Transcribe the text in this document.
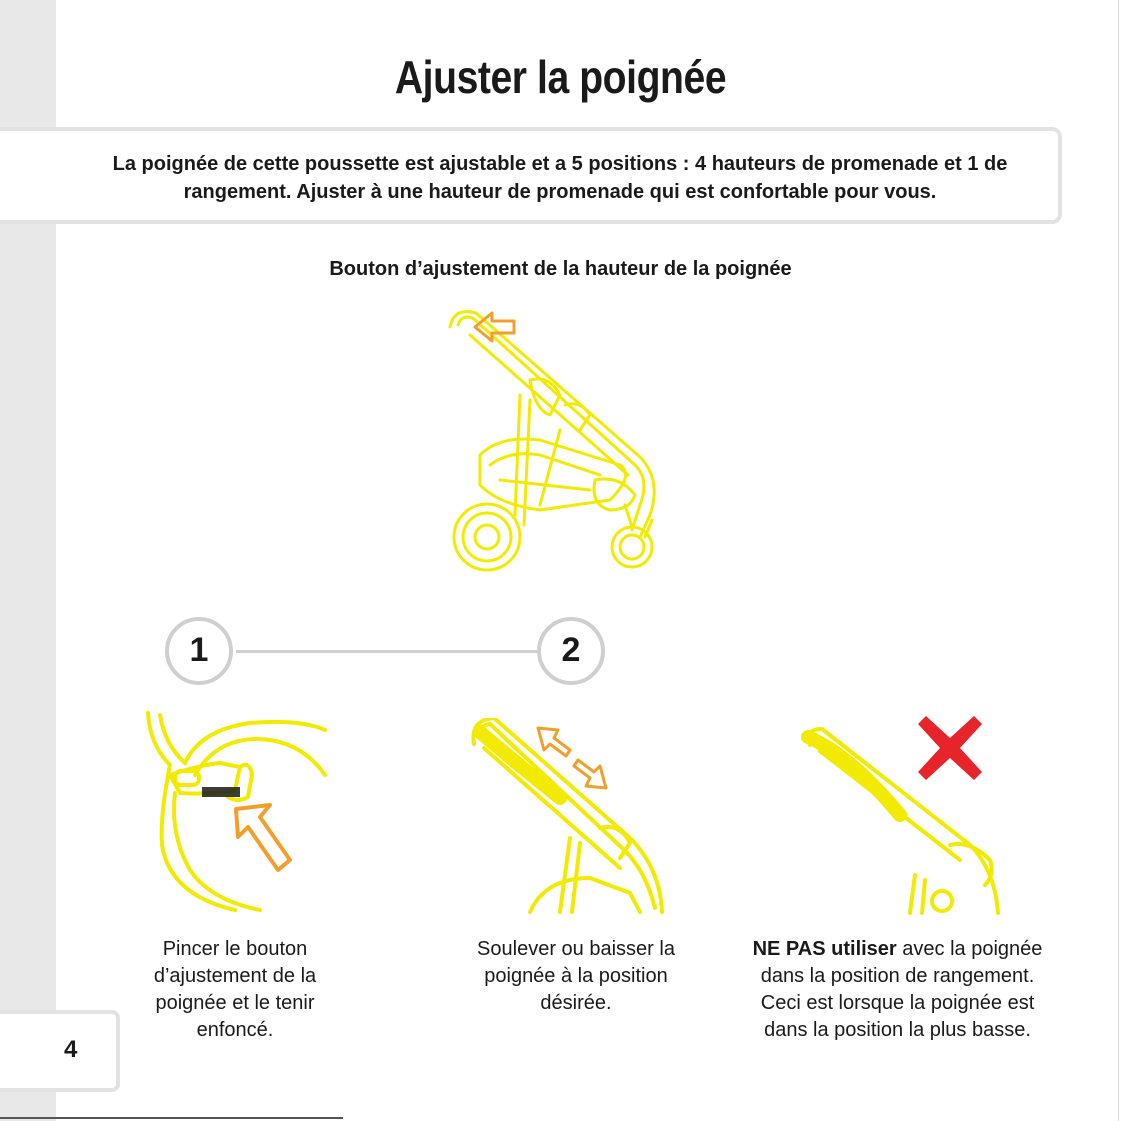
Ajuster la poignée
La poignée de cette poussette est ajustable et a 5 positions : 4 hauteurs de promenade et 1 de
rangement. Ajuster à une hauteur de promenade qui est confortable pour vous.
Bouton d’ajustement de la hauteur de la poignée
1	2
Pincer le bouton
d’ajustement de la
poignée et le tenir
enfoncé.
Soulever ou baisser la
poignée à la position
désirée.
NE PAS utiliser avec la poignée
dans la position de rangement.
Ceci est lorsque la poignée est
dans la position la plus basse.
4
